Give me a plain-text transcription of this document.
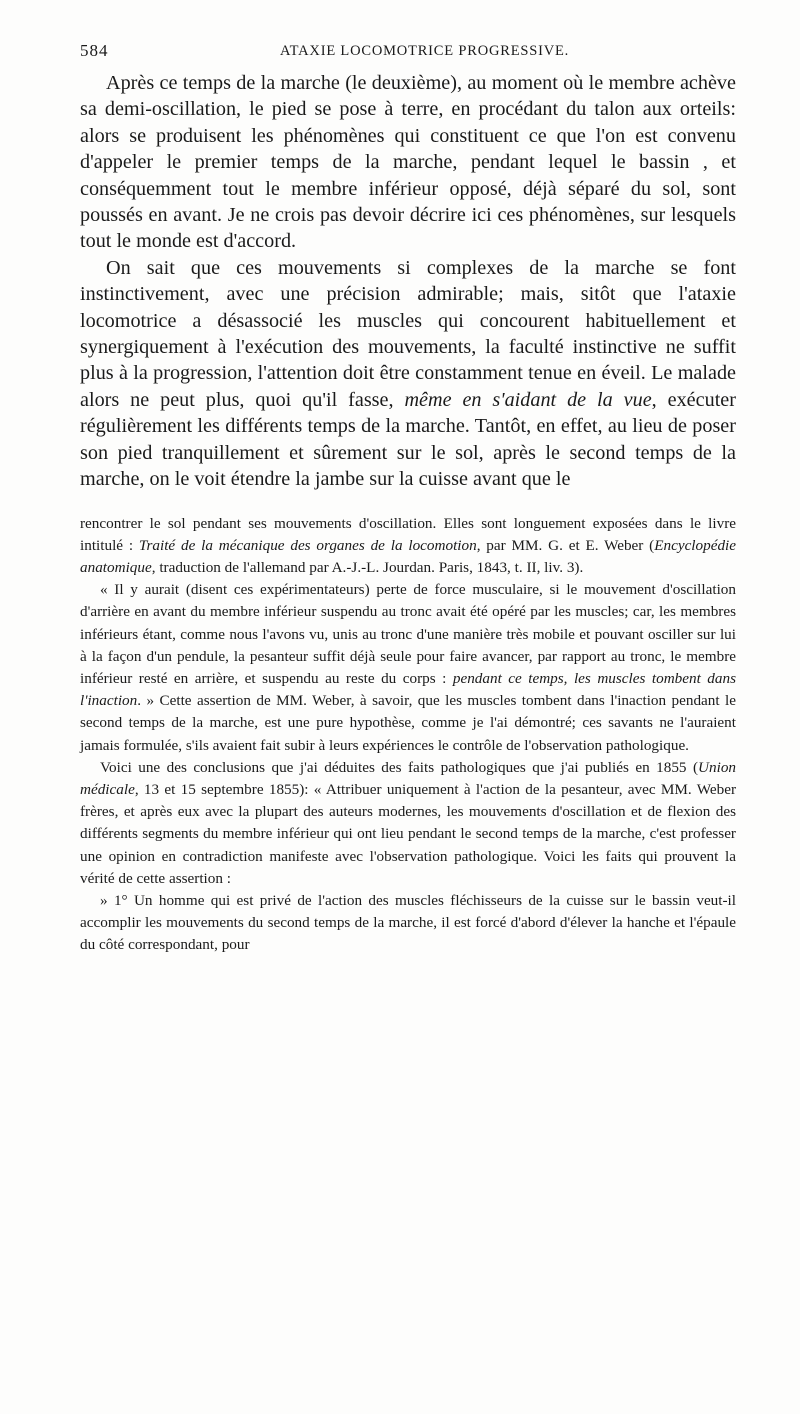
584	ATAXIE LOCOMOTRICE PROGRESSIVE.

Après ce temps de la marche (le deuxième), au moment où le membre achève sa demi-oscillation, le pied se pose à terre, en procédant du talon aux orteils: alors se produisent les phénomènes qui constituent ce que l'on est convenu d'appeler le premier temps de la marche, pendant lequel le bassin , et conséquemment tout le membre inférieur opposé, déjà séparé du sol, sont poussés en avant. Je ne crois pas devoir décrire ici ces phénomènes, sur lesquels tout le monde est d'accord.

On sait que ces mouvements si complexes de la marche se font instinctivement, avec une précision admirable; mais, sitôt que l'ataxie locomotrice a désassocié les muscles qui concourent habituellement et synergiquement à l'exécution des mouvements, la faculté instinctive ne suffit plus à la progression, l'attention doit être constamment tenue en éveil. Le malade alors ne peut plus, quoi qu'il fasse, même en s'aidant de la vue, exécuter régulièrement les différents temps de la marche. Tantôt, en effet, au lieu de poser son pied tranquillement et sûrement sur le sol, après le second temps de la marche, on le voit étendre la jambe sur la cuisse avant que le

rencontrer le sol pendant ses mouvements d'oscillation. Elles sont longuement exposées dans le livre intitulé : Traité de la mécanique des organes de la locomotion, par MM. G. et E. Weber (Encyclopédie anatomique, traduction de l'allemand par A.-J.-L. Jourdan. Paris, 1843, t. II, liv. 3).

« Il y aurait (disent ces expérimentateurs) perte de force musculaire, si le mouvement d'oscillation d'arrière en avant du membre inférieur suspendu au tronc avait été opéré par les muscles; car, les membres inférieurs étant, comme nous l'avons vu, unis au tronc d'une manière très mobile et pouvant osciller sur lui à la façon d'un pendule, la pesanteur suffit déjà seule pour faire avancer, par rapport au tronc, le membre inférieur resté en arrière, et suspendu au reste du corps : pendant ce temps, les muscles tombent dans l'inaction. » Cette assertion de MM. Weber, à savoir, que les muscles tombent dans l'inaction pendant le second temps de la marche, est une pure hypothèse, comme je l'ai démontré; ces savants ne l'auraient jamais formulée, s'ils avaient fait subir à leurs expériences le contrôle de l'observation pathologique.

Voici une des conclusions que j'ai déduites des faits pathologiques que j'ai publiés en 1855 (Union médicale, 13 et 15 septembre 1855): « Attribuer uniquement à l'action de la pesanteur, avec MM. Weber frères, et après eux avec la plupart des auteurs modernes, les mouvements d'oscillation et de flexion des différents segments du membre inférieur qui ont lieu pendant le second temps de la marche, c'est professer une opinion en contradiction manifeste avec l'observation pathologique. Voici les faits qui prouvent la vérité de cette assertion :

» 1° Un homme qui est privé de l'action des muscles fléchisseurs de la cuisse sur le bassin veut-il accomplir les mouvements du second temps de la marche, il est forcé d'abord d'élever la hanche et l'épaule du côté correspondant, pour
